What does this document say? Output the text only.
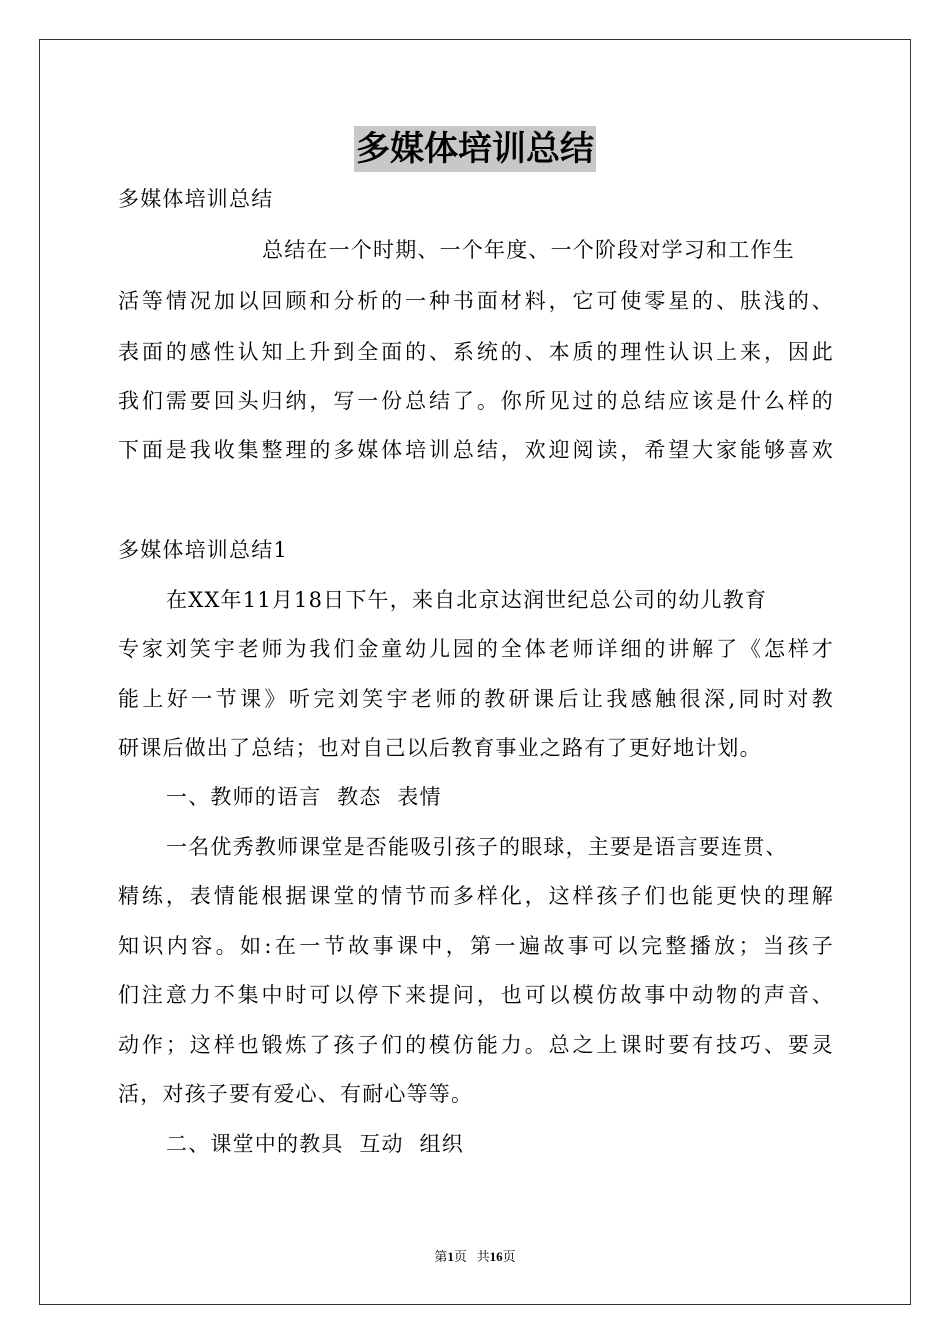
多媒体培训总结
多媒体培训总结
总结在一个时期、一个年度、一个阶段对学习和工作生
活等情况加以回顾和分析的一种书面材料，它可使零星的、肤浅的、
表面的感性认知上升到全面的、系统的、本质的理性认识上来，因此
我们需要回头归纳，写一份总结了。你所见过的总结应该是什么样的
下面是我收集整理的多媒体培训总结，欢迎阅读，希望大家能够喜欢
多媒体培训总结1
在XX年11月18日下午，来自北京达润世纪总公司的幼儿教育
专家刘笑宇老师为我们金童幼儿园的全体老师详细的讲解了《怎样才
能上好一节课》听完刘笑宇老师的教研课后让我感触很深,同时对教
研课后做出了总结；也对自己以后教育事业之路有了更好地计划。
一、教师的语言  教态  表情
一名优秀教师课堂是否能吸引孩子的眼球，主要是语言要连贯、
精练，表情能根据课堂的情节而多样化，这样孩子们也能更快的理解
知识内容。如:在一节故事课中，第一遍故事可以完整播放；当孩子
们注意力不集中时可以停下来提问，也可以模仿故事中动物的声音、
动作；这样也锻炼了孩子们的模仿能力。总之上课时要有技巧、要灵
活，对孩子要有爱心、有耐心等等。
二、课堂中的教具  互动  组织
第1页   共16页
